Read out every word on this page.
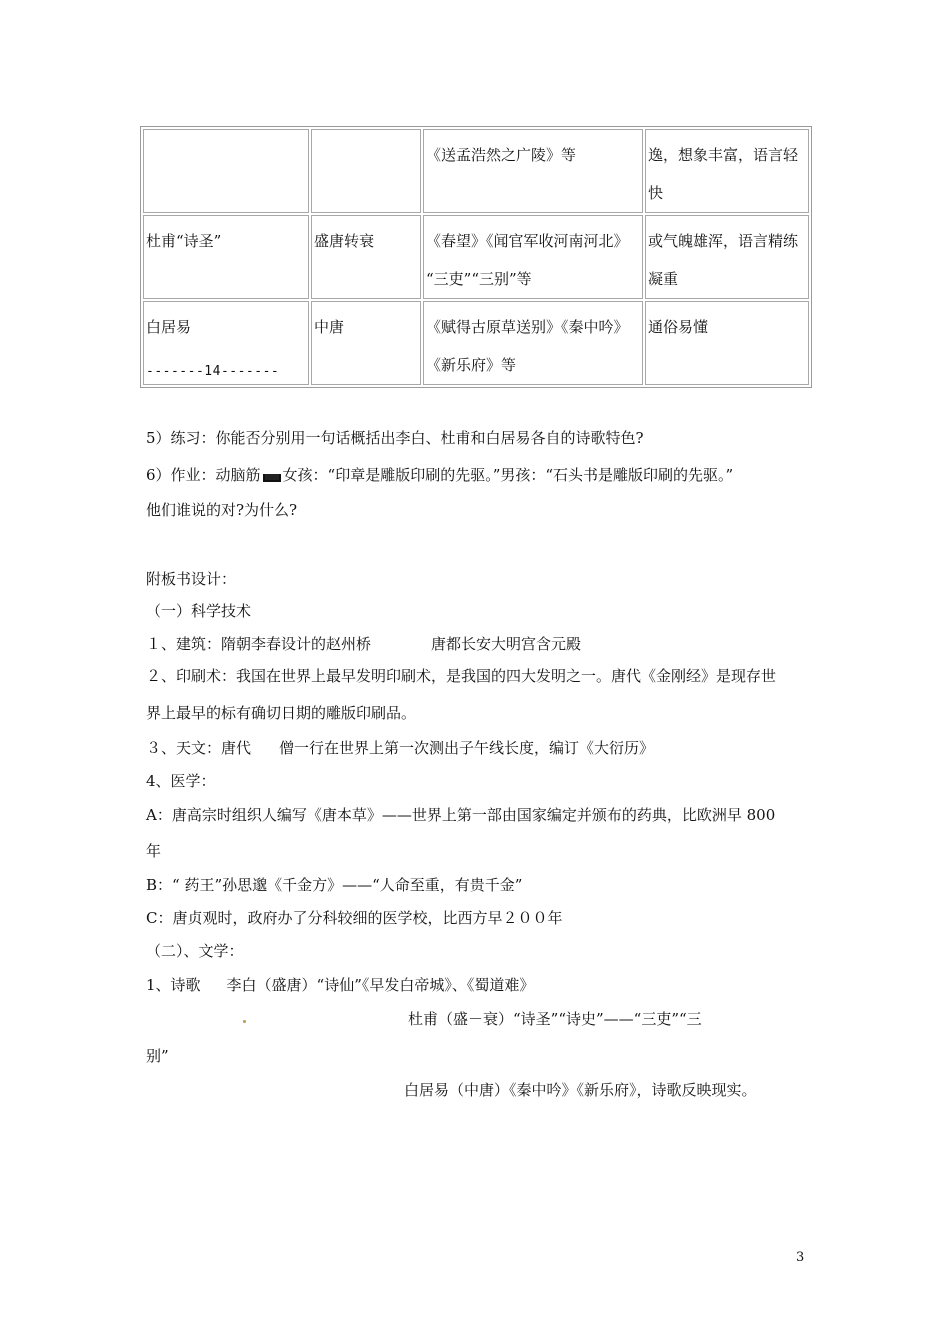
		《送孟浩然之广陵》等	逸，想象丰富，语言轻
快

杜甫“诗圣”	盛唐转衰	《春望》《闻官军收河南河北》
“三吏”“三别”等	或气魄雄浑，语言精练
凝重

白居易	中唐	《赋得古原草送别》《秦中吟》
《新乐府》等	通俗易懂
-------14-------
5）练习：你能否分别用一句话概括出李白、杜甫和白居易各自的诗歌特色?
6）作业：动脑筋 女孩：“印章是雕版印刷的先驱。”男孩：“石头书是雕版印刷的先驱。”
他们谁说的对?为什么?
附板书设计：
（一）科学技术
１、建筑：隋朝李春设计的赵州桥	唐都长安大明宫含元殿
２、印刷术：我国在世界上最早发明印刷术，是我国的四大发明之一。唐代《金刚经》是现存世
界上最早的标有确切日期的雕版印刷品。
３、天文：唐代 僧一行在世界上第一次测出子午线长度，编订《大衍历》
4、医学：
A：唐高宗时组织人编写《唐本草》——世界上第一部由国家编定并颁布的药典，比欧洲早 800
年
B：“ 药王”孙思邈《千金方》——“人命至重，有贵千金”
C：唐贞观时，政府办了分科较细的医学校，比西方早２００年
（二）、文学：
1、诗歌 李白（盛唐）“诗仙”《早发白帝城》、《蜀道难》
杜甫（盛－衰）“诗圣”“诗史”——“三吏”“三
别”
白居易（中唐）《秦中吟》《新乐府》，诗歌反映现实。
3
